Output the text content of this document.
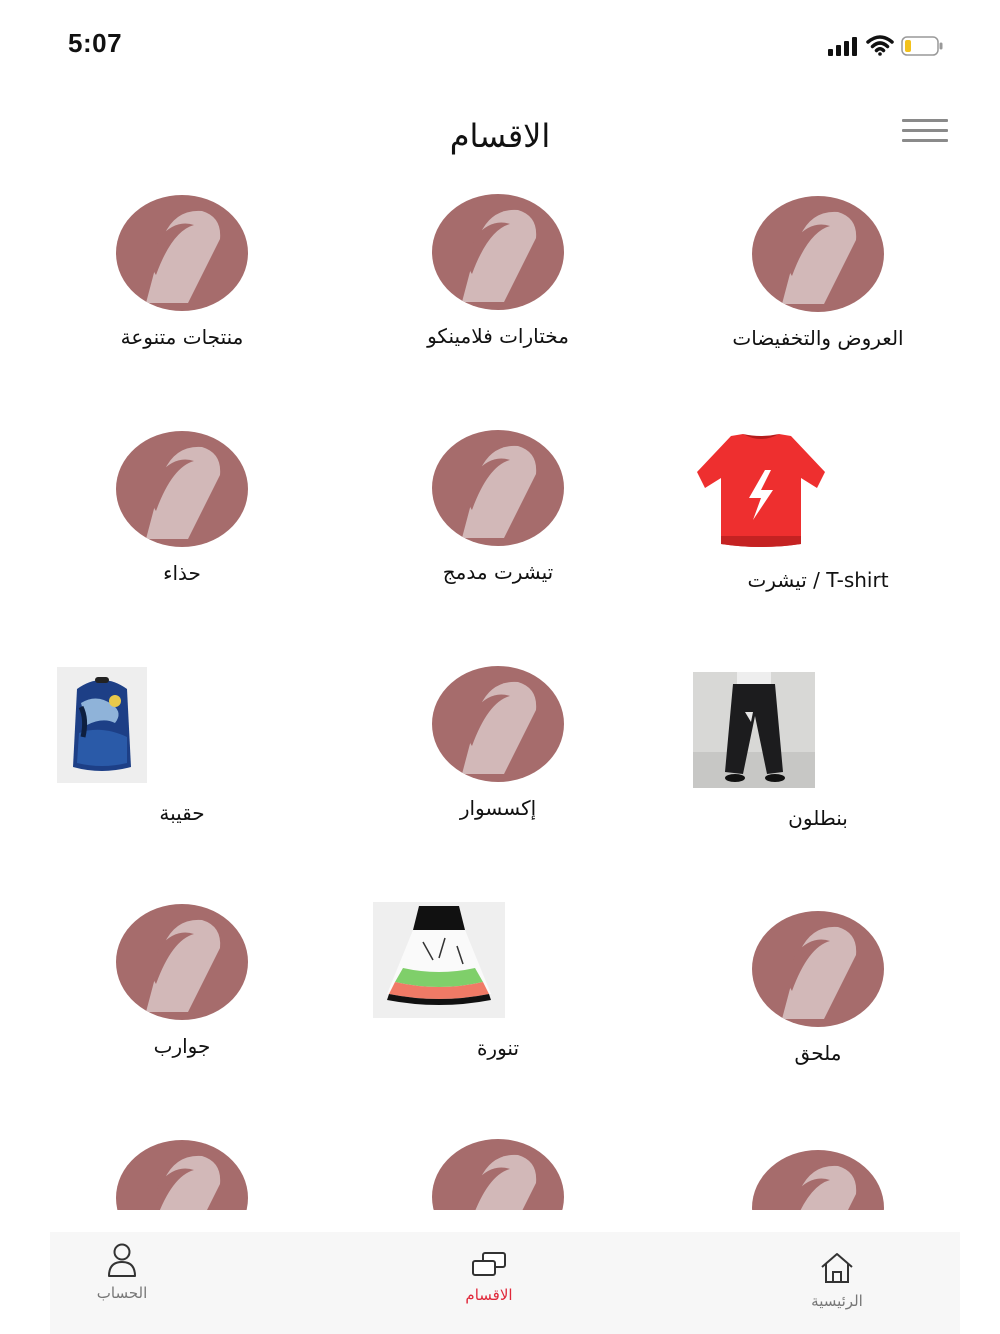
5:07
الاقسام
العروض والتخفيضات
مختارات فلامينكو
منتجات متنوعة
T-shirt / تيشرت
تيشرت مدمج
حذاء
بنطلون
إكسسوار
حقيبة
ملحق
تنورة
جوارب
الرئيسية
الاقسام
الحساب
